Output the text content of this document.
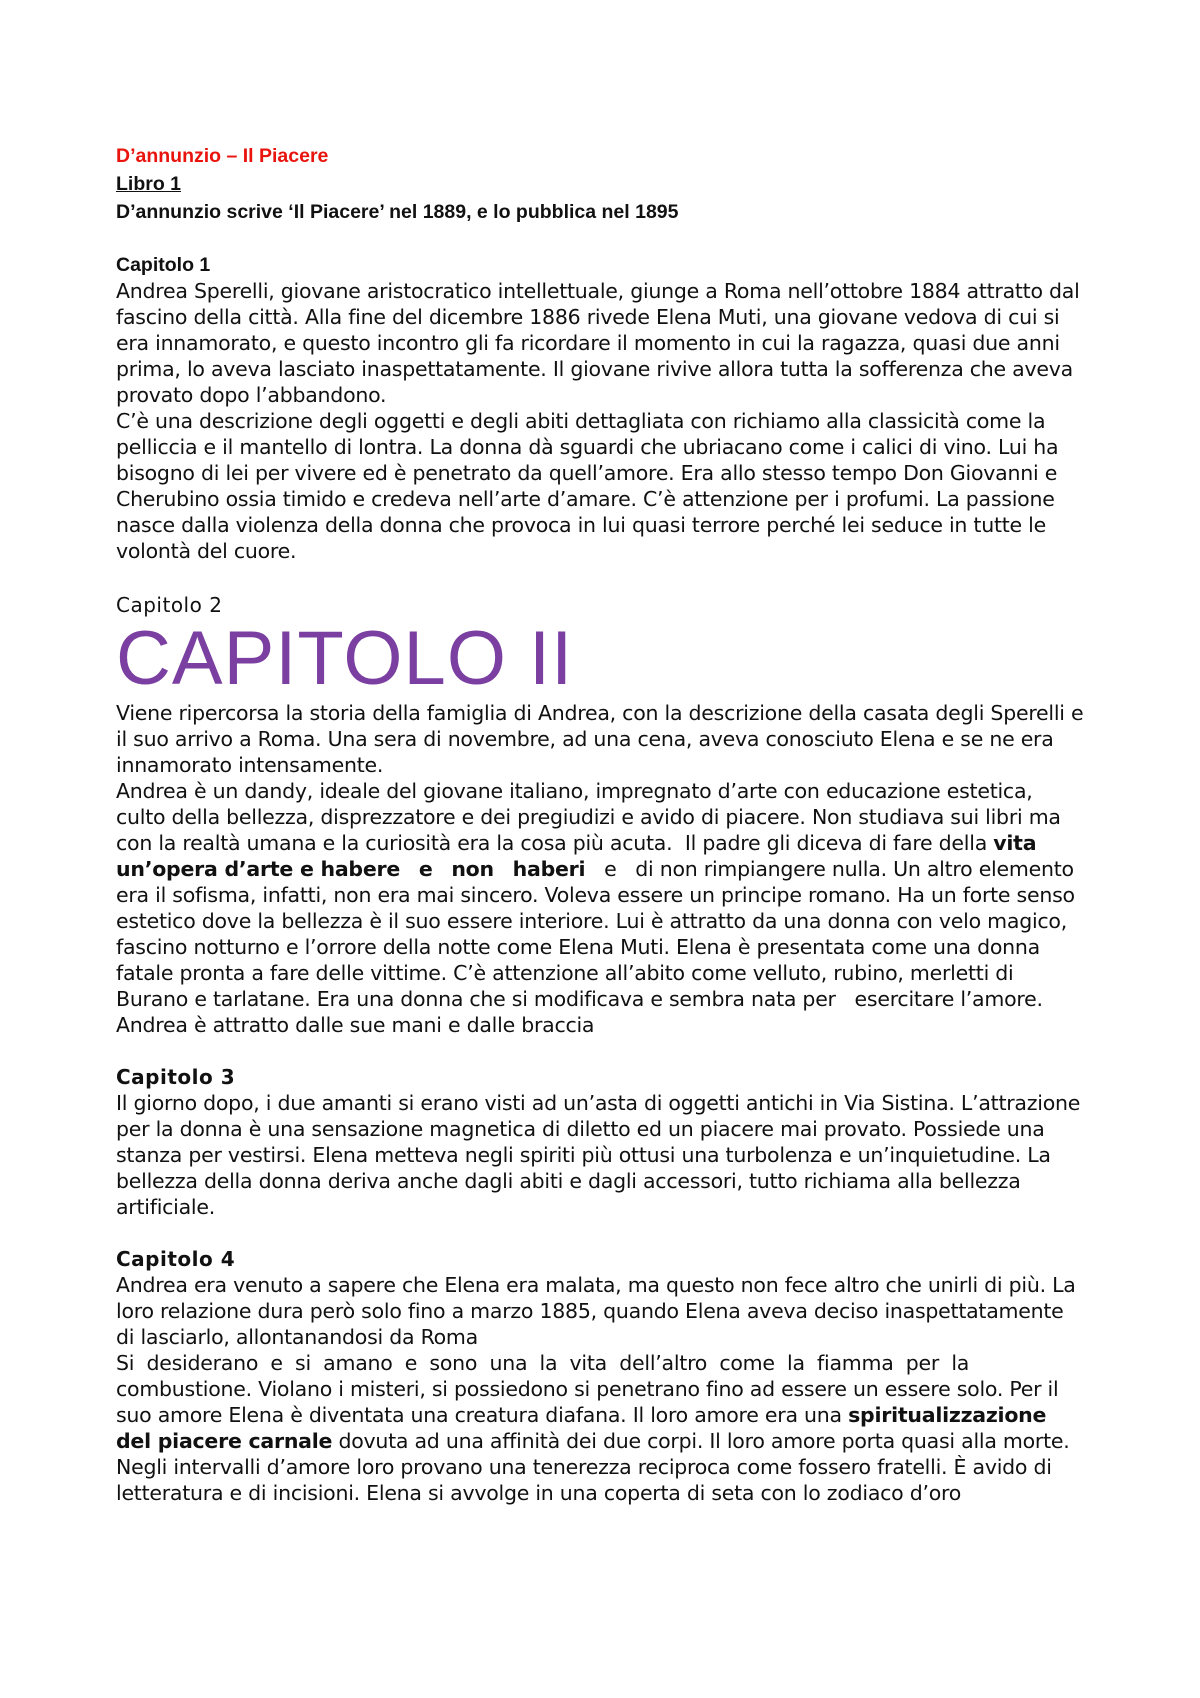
D’annunzio – Il Piacere
Libro 1
D’annunzio scrive ‘Il Piacere’ nel 1889, e lo pubblica nel 1895
Capitolo 1

Andrea Sperelli, giovane aristocratico intellettuale, giunge a Roma nell’ottobre 1884 attratto dal fascino della città. Alla fine del dicembre 1886 rivede Elena Muti, una giovane vedova di cui si era innamorato, e questo incontro gli fa ricordare il momento in cui la ragazza, quasi due anni prima, lo aveva lasciato inaspettatamente. Il giovane rivive allora tutta la sofferenza che aveva provato dopo l’abbandono.

C’è una descrizione degli oggetti e degli abiti dettagliata con richiamo alla classicità come la pelliccia e il mantello di lontra. La donna dà sguardi che ubriacano come i calici di vino. Lui ha bisogno di lei per vivere ed è penetrato da quell’amore. Era allo stesso tempo Don Giovanni e Cherubino ossia timido e credeva nell’arte d’amare. C’è attenzione per i profumi. La passione nasce dalla violenza della donna che provoca in lui quasi terrore perché lei seduce in tutte le volontà del cuore.

Capitolo 2
CAPITOLO II

Viene ripercorsa la storia della famiglia di Andrea, con la descrizione della casata degli Sperelli e il suo arrivo a Roma. Una sera di novembre, ad una cena, aveva conosciuto Elena e se ne era innamorato intensamente.

Andrea è un dandy, ideale del giovane italiano, impregnato d’arte con educazione estetica, culto della bellezza, disprezzatore e dei pregiudizi e avido di piacere. Non studiava sui libri ma con la realtà umana e la curiosità era la cosa più acuta.  Il padre gli diceva di fare della vita un’opera d’arte e habere e non haberi   e   di non rimpiangere nulla. Un altro elemento era il sofisma, infatti, non era mai sincero. Voleva essere un principe romano. Ha un forte senso estetico dove la bellezza è il suo essere interiore. Lui è attratto da una donna con velo magico, fascino notturno e l’orrore della notte come Elena Muti. Elena è presentata come una donna fatale pronta a fare delle vittime. C’è attenzione all’abito come velluto, rubino, merletti di Burano e tarlatane. Era una donna che si modificava e sembra nata per   esercitare l’amore. Andrea è attratto dalle sue mani e dalle braccia

Capitolo 3

Il giorno dopo, i due amanti si erano visti ad un’asta di oggetti antichi in Via Sistina. L’attrazione per la donna è una sensazione magnetica di diletto ed un piacere mai provato. Possiede una stanza per vestirsi. Elena metteva negli spiriti più ottusi una turbolenza e un’inquietudine. La bellezza della donna deriva anche dagli abiti e dagli accessori, tutto richiama alla bellezza artificiale.

Capitolo 4

Andrea era venuto a sapere che Elena era malata, ma questo non fece altro che unirli di più. La loro relazione dura però solo fino a marzo 1885, quando Elena aveva deciso inaspettatamente di lasciarlo, allontanandosi da Roma

Si desiderano e si amano e sono una la vita dell’altro come la fiamma per la

combustione. Violano i misteri, si possiedono si penetrano fino ad essere un essere solo. Per il suo amore Elena è diventata una creatura diafana. Il loro amore era una spiritualizzazione del piacere carnale dovuta ad una affinità dei due corpi. Il loro amore porta quasi alla morte. Negli intervalli d’amore loro provano una tenerezza reciproca come fossero fratelli. È avido di letteratura e di incisioni. Elena si avvolge in una coperta di seta con lo zodiaco d’oro
